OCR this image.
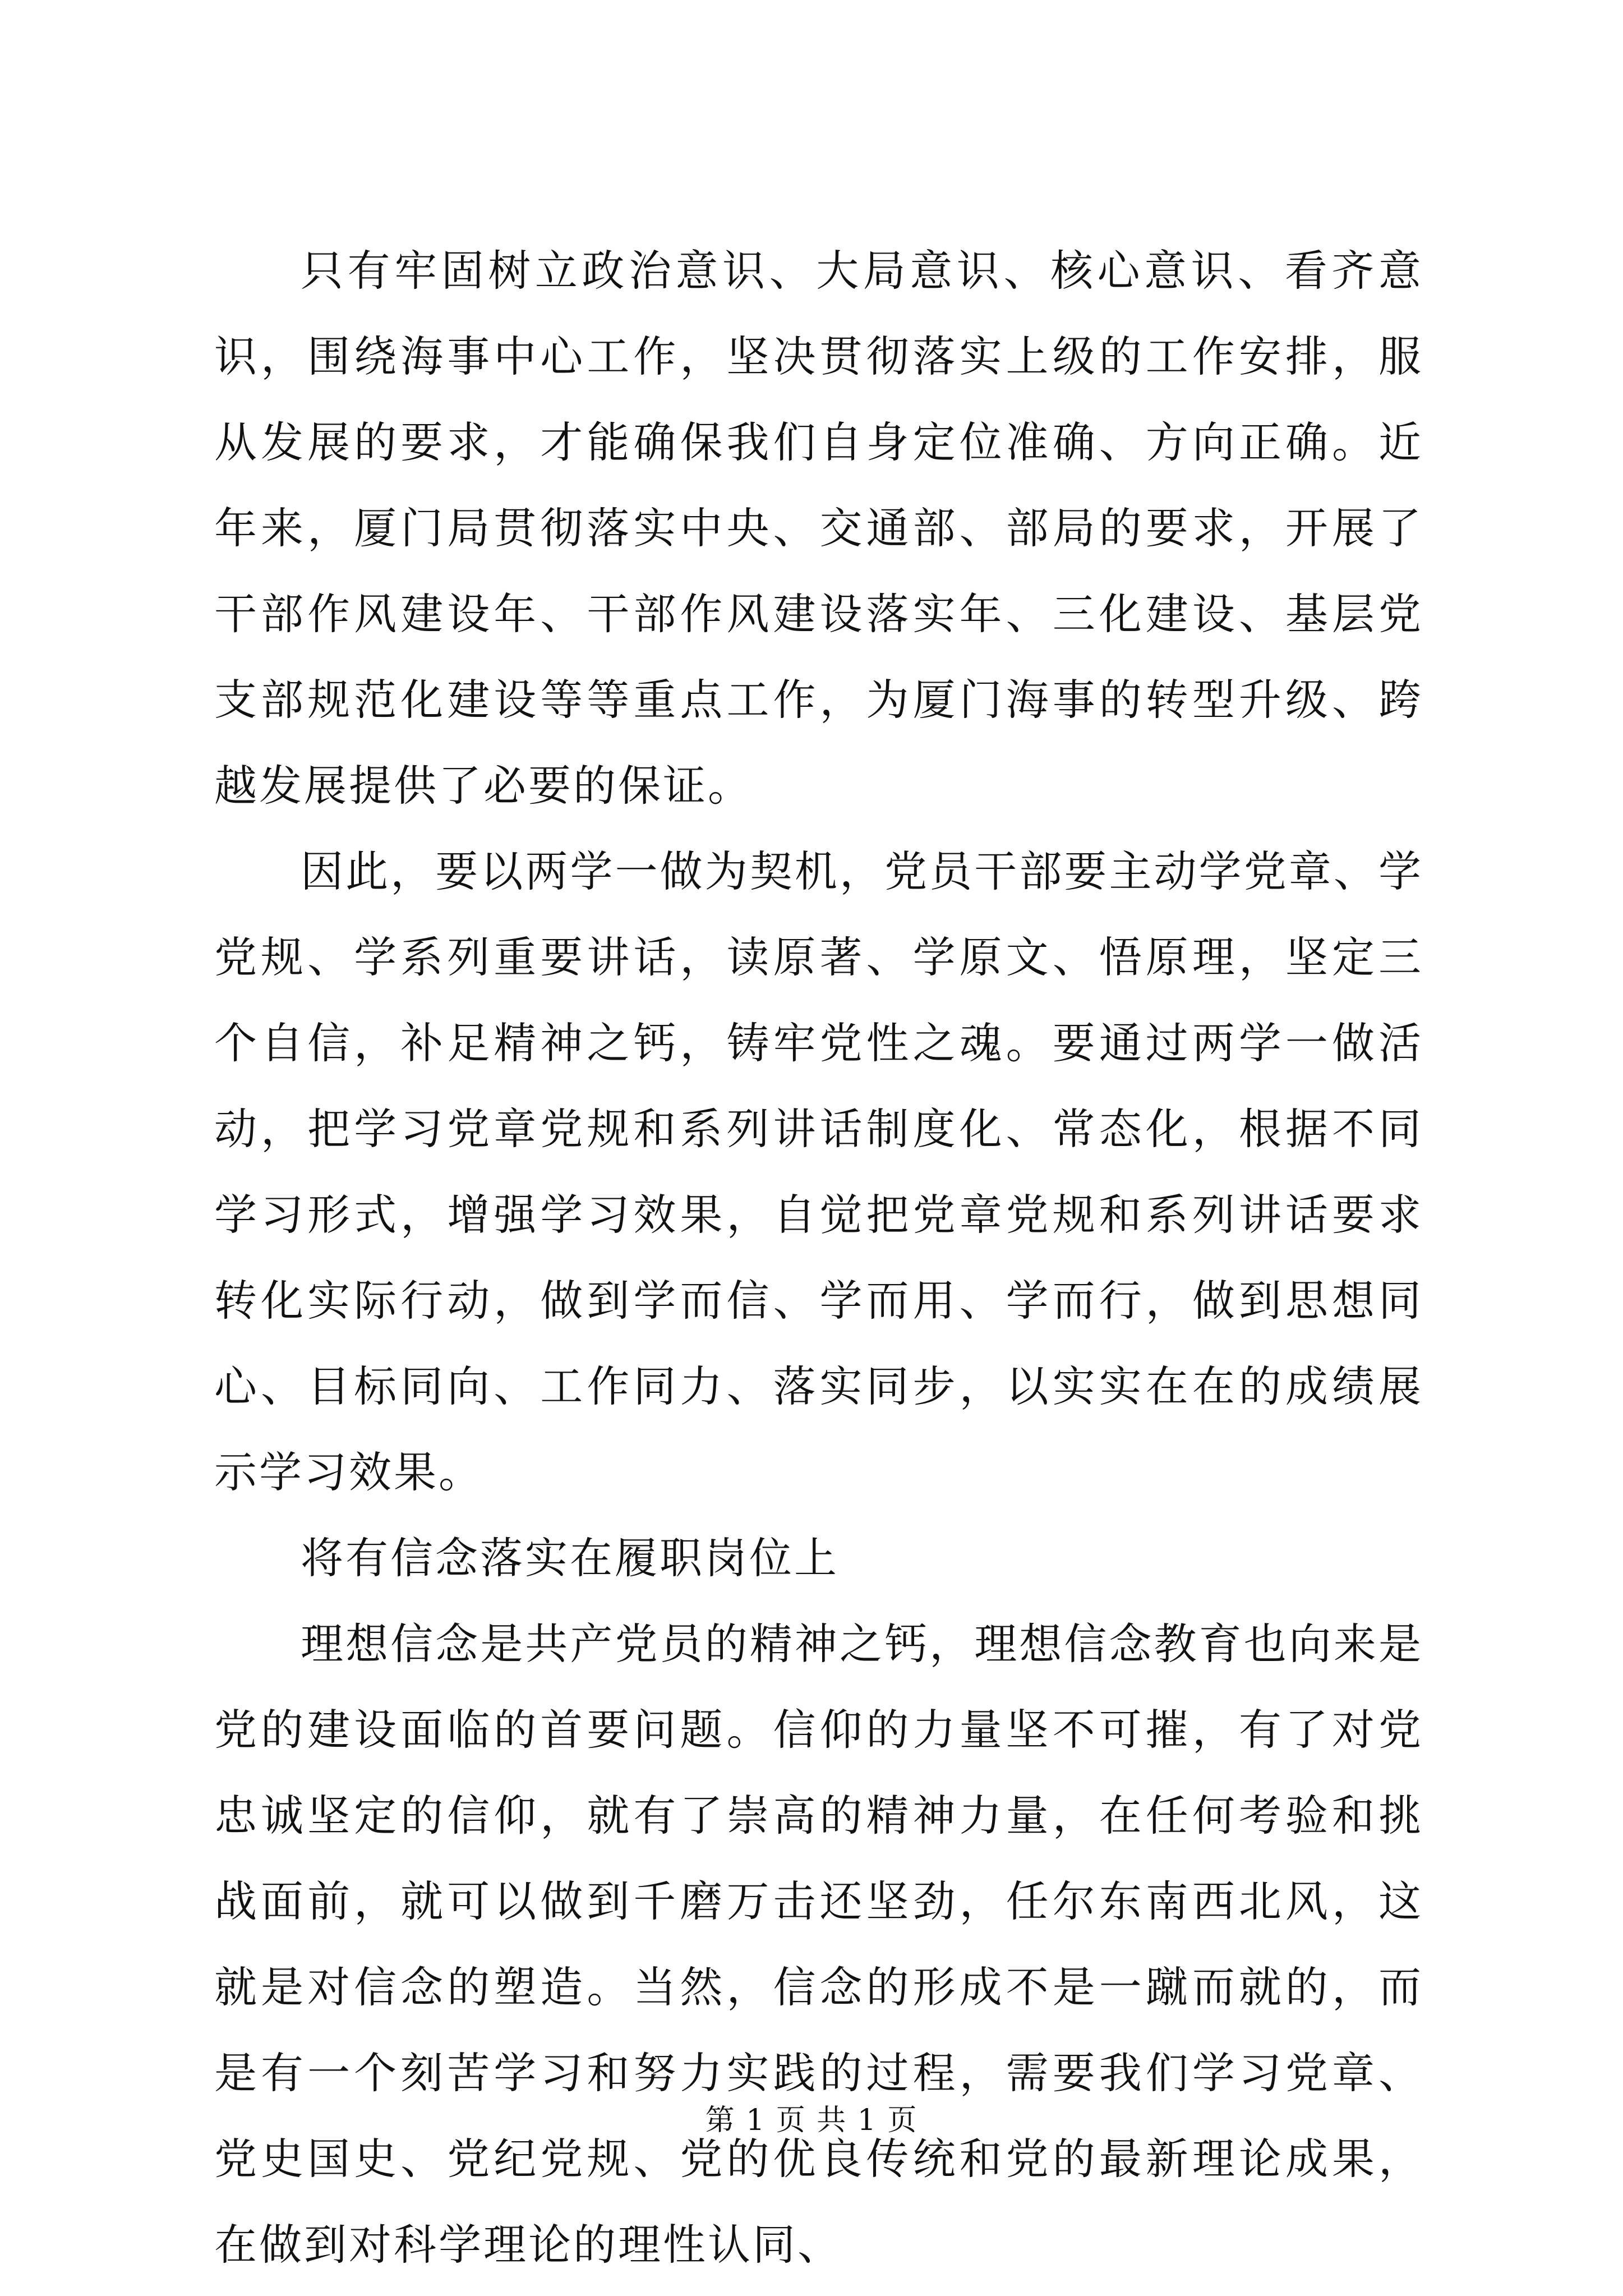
只有牢固树立政治意识、大局意识、核心意识、看齐意识，围绕海事中心工作，坚决贯彻落实上级的工作安排，服从发展的要求，才能确保我们自身定位准确、方向正确。近年来，厦门局贯彻落实中央、交通部、部局的要求，开展了干部作风建设年、干部作风建设落实年、三化建设、基层党支部规范化建设等等重点工作，为厦门海事的转型升级、跨越发展提供了必要的保证。

因此，要以两学一做为契机，党员干部要主动学党章、学党规、学系列重要讲话，读原著、学原文、悟原理，坚定三个自信，补足精神之钙，铸牢党性之魂。要通过两学一做活动，把学习党章党规和系列讲话制度化、常态化，根据不同学习形式，增强学习效果，自觉把党章党规和系列讲话要求转化实际行动，做到学而信、学而用、学而行，做到思想同心、目标同向、工作同力、落实同步，以实实在在的成绩展示学习效果。

将有信念落实在履职岗位上

理想信念是共产党员的精神之钙，理想信念教育也向来是党的建设面临的首要问题。信仰的力量坚不可摧，有了对党忠诚坚定的信仰，就有了崇高的精神力量，在任何考验和挑战面前，就可以做到千磨万击还坚劲，任尔东南西北风，这就是对信念的塑造。当然，信念的形成不是一蹴而就的，而是有一个刻苦学习和努力实践的过程，需要我们学习党章、党史国史、党纪党规、党的优良传统和党的最新理论成果，在做到对科学理论的理性认同、

第 1 页 共 1 页
